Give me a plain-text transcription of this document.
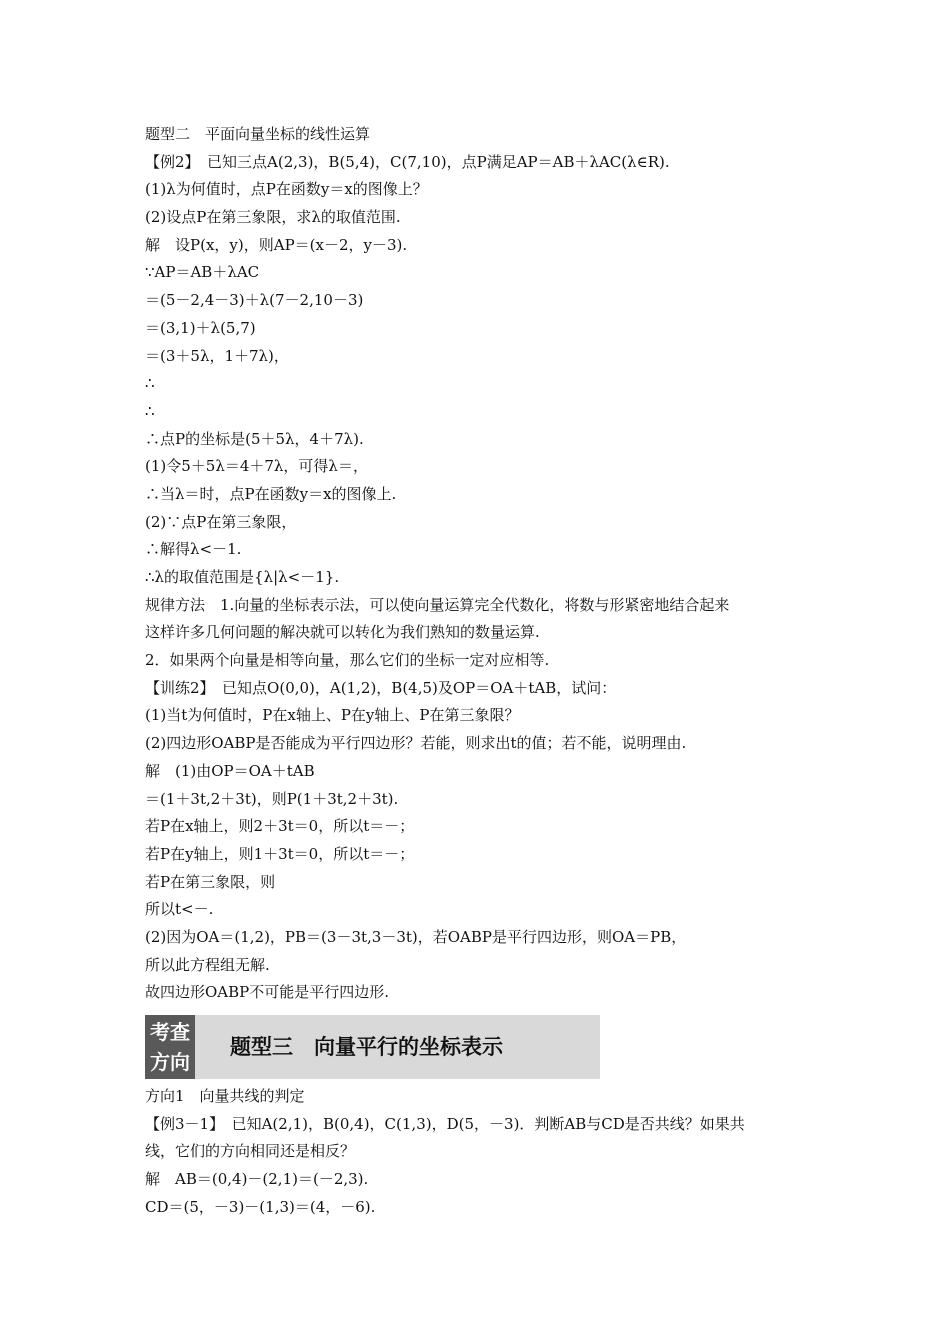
题型二　平面向量坐标的线性运算
【例2】　已知三点A(2,3)，B(5,4)，C(7,10)，点P满足AP＝AB＋λAC(λ∈R).
(1)λ为何值时，点P在函数y＝x的图像上？
(2)设点P在第三象限，求λ的取值范围.
解　设P(x，y)，则AP＝(x－2，y－3).
∵AP＝AB＋λAC
＝(5－2,4－3)＋λ(7－2,10－3)
＝(3,1)＋λ(5,7)
＝(3＋5λ，1＋7λ)，
∴
∴
∴点P的坐标是(5＋5λ，4＋7λ).
(1)令5＋5λ＝4＋7λ，可得λ＝，
∴当λ＝时，点P在函数y＝x的图像上.
(2)∵点P在第三象限，
∴解得λ<－1.
∴λ的取值范围是{λ|λ<－1}.
规律方法　1.向量的坐标表示法，可以使向量运算完全代数化，将数与形紧密地结合起来
这样许多几何问题的解决就可以转化为我们熟知的数量运算.
2．如果两个向量是相等向量，那么它们的坐标一定对应相等.
【训练2】　已知点O(0,0)，A(1,2)，B(4,5)及OP＝OA＋tAB，试问：
(1)当t为何值时，P在x轴上、P在y轴上、P在第三象限？
(2)四边形OABP是否能成为平行四边形？若能，则求出t的值；若不能，说明理由.
解　(1)由OP＝OA＋tAB
＝(1＋3t,2＋3t)，则P(1＋3t,2＋3t).
若P在x轴上，则2＋3t＝0，所以t＝－；
若P在y轴上，则1＋3t＝0，所以t＝－；
若P在第三象限，则
所以t<－.
(2)因为OA＝(1,2)，PB＝(3－3t,3－3t)，若OABP是平行四边形，则OA＝PB，
所以此方程组无解.
故四边形OABP不可能是平行四边形.
考查
方向
题型三　向量平行的坐标表示
方向1　向量共线的判定
【例3－1】　已知A(2,1)，B(0,4)，C(1,3)，D(5，－3)．判断AB与CD是否共线？如果共
线，它们的方向相同还是相反？
解　AB＝(0,4)－(2,1)＝(－2,3).
CD＝(5，－3)－(1,3)＝(4，－6).
